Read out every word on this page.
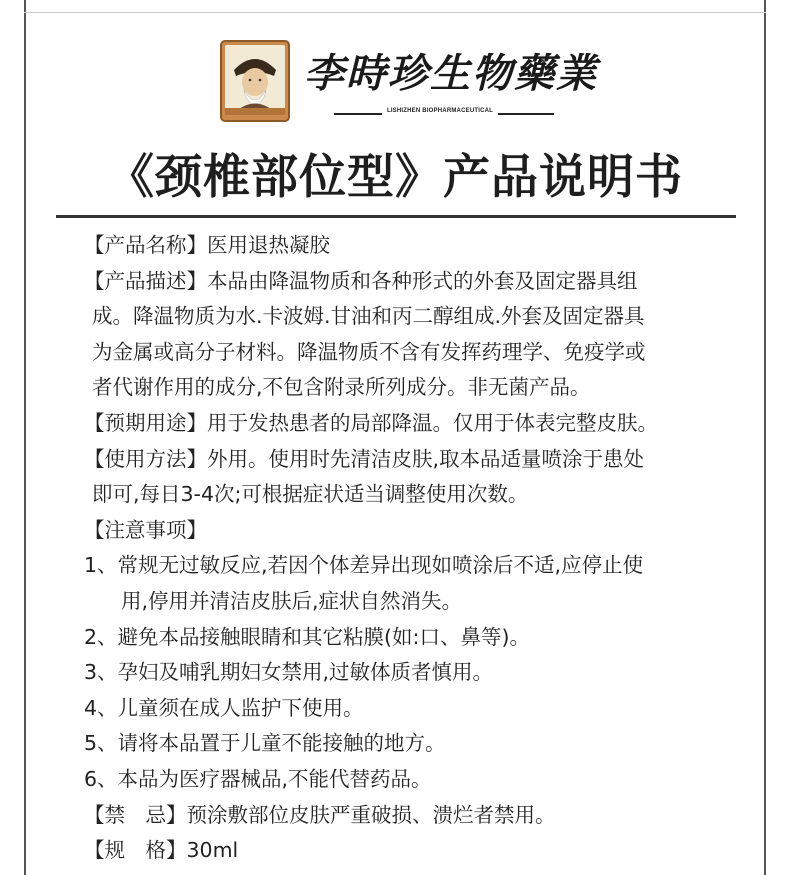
李時珍生物藥業
LISHIZHEN BIOPHARMACEUTICAL
《颈椎部位型》产品说明书
【产品名称】医用退热凝胶
【产品描述】本品由降温物质和各种形式的外套及固定器具组
成。降温物质为水.卡波姆.甘油和丙二醇组成.外套及固定器具
为金属或高分子材料。降温物质不含有发挥药理学、免疫学或
者代谢作用的成分,不包含附录所列成分。非无菌产品。
【预期用途】用于发热患者的局部降温。仅用于体表完整皮肤。
【使用方法】外用。使用时先清洁皮肤,取本品适量喷涂于患处
即可,每日3-4次;可根据症状适当调整使用次数。
【注意事项】
1、常规无过敏反应,若因个体差异出现如喷涂后不适,应停止使
用,停用并清洁皮肤后,症状自然消失。
2、避免本品接触眼睛和其它粘膜(如:口、鼻等)。
3、孕妇及哺乳期妇女禁用,过敏体质者慎用。
4、儿童须在成人监护下使用。
5、请将本品置于儿童不能接触的地方。
6、本品为医疗器械品,不能代替药品。
【禁　忌】预涂敷部位皮肤严重破损、溃烂者禁用。
【规　格】30ml
